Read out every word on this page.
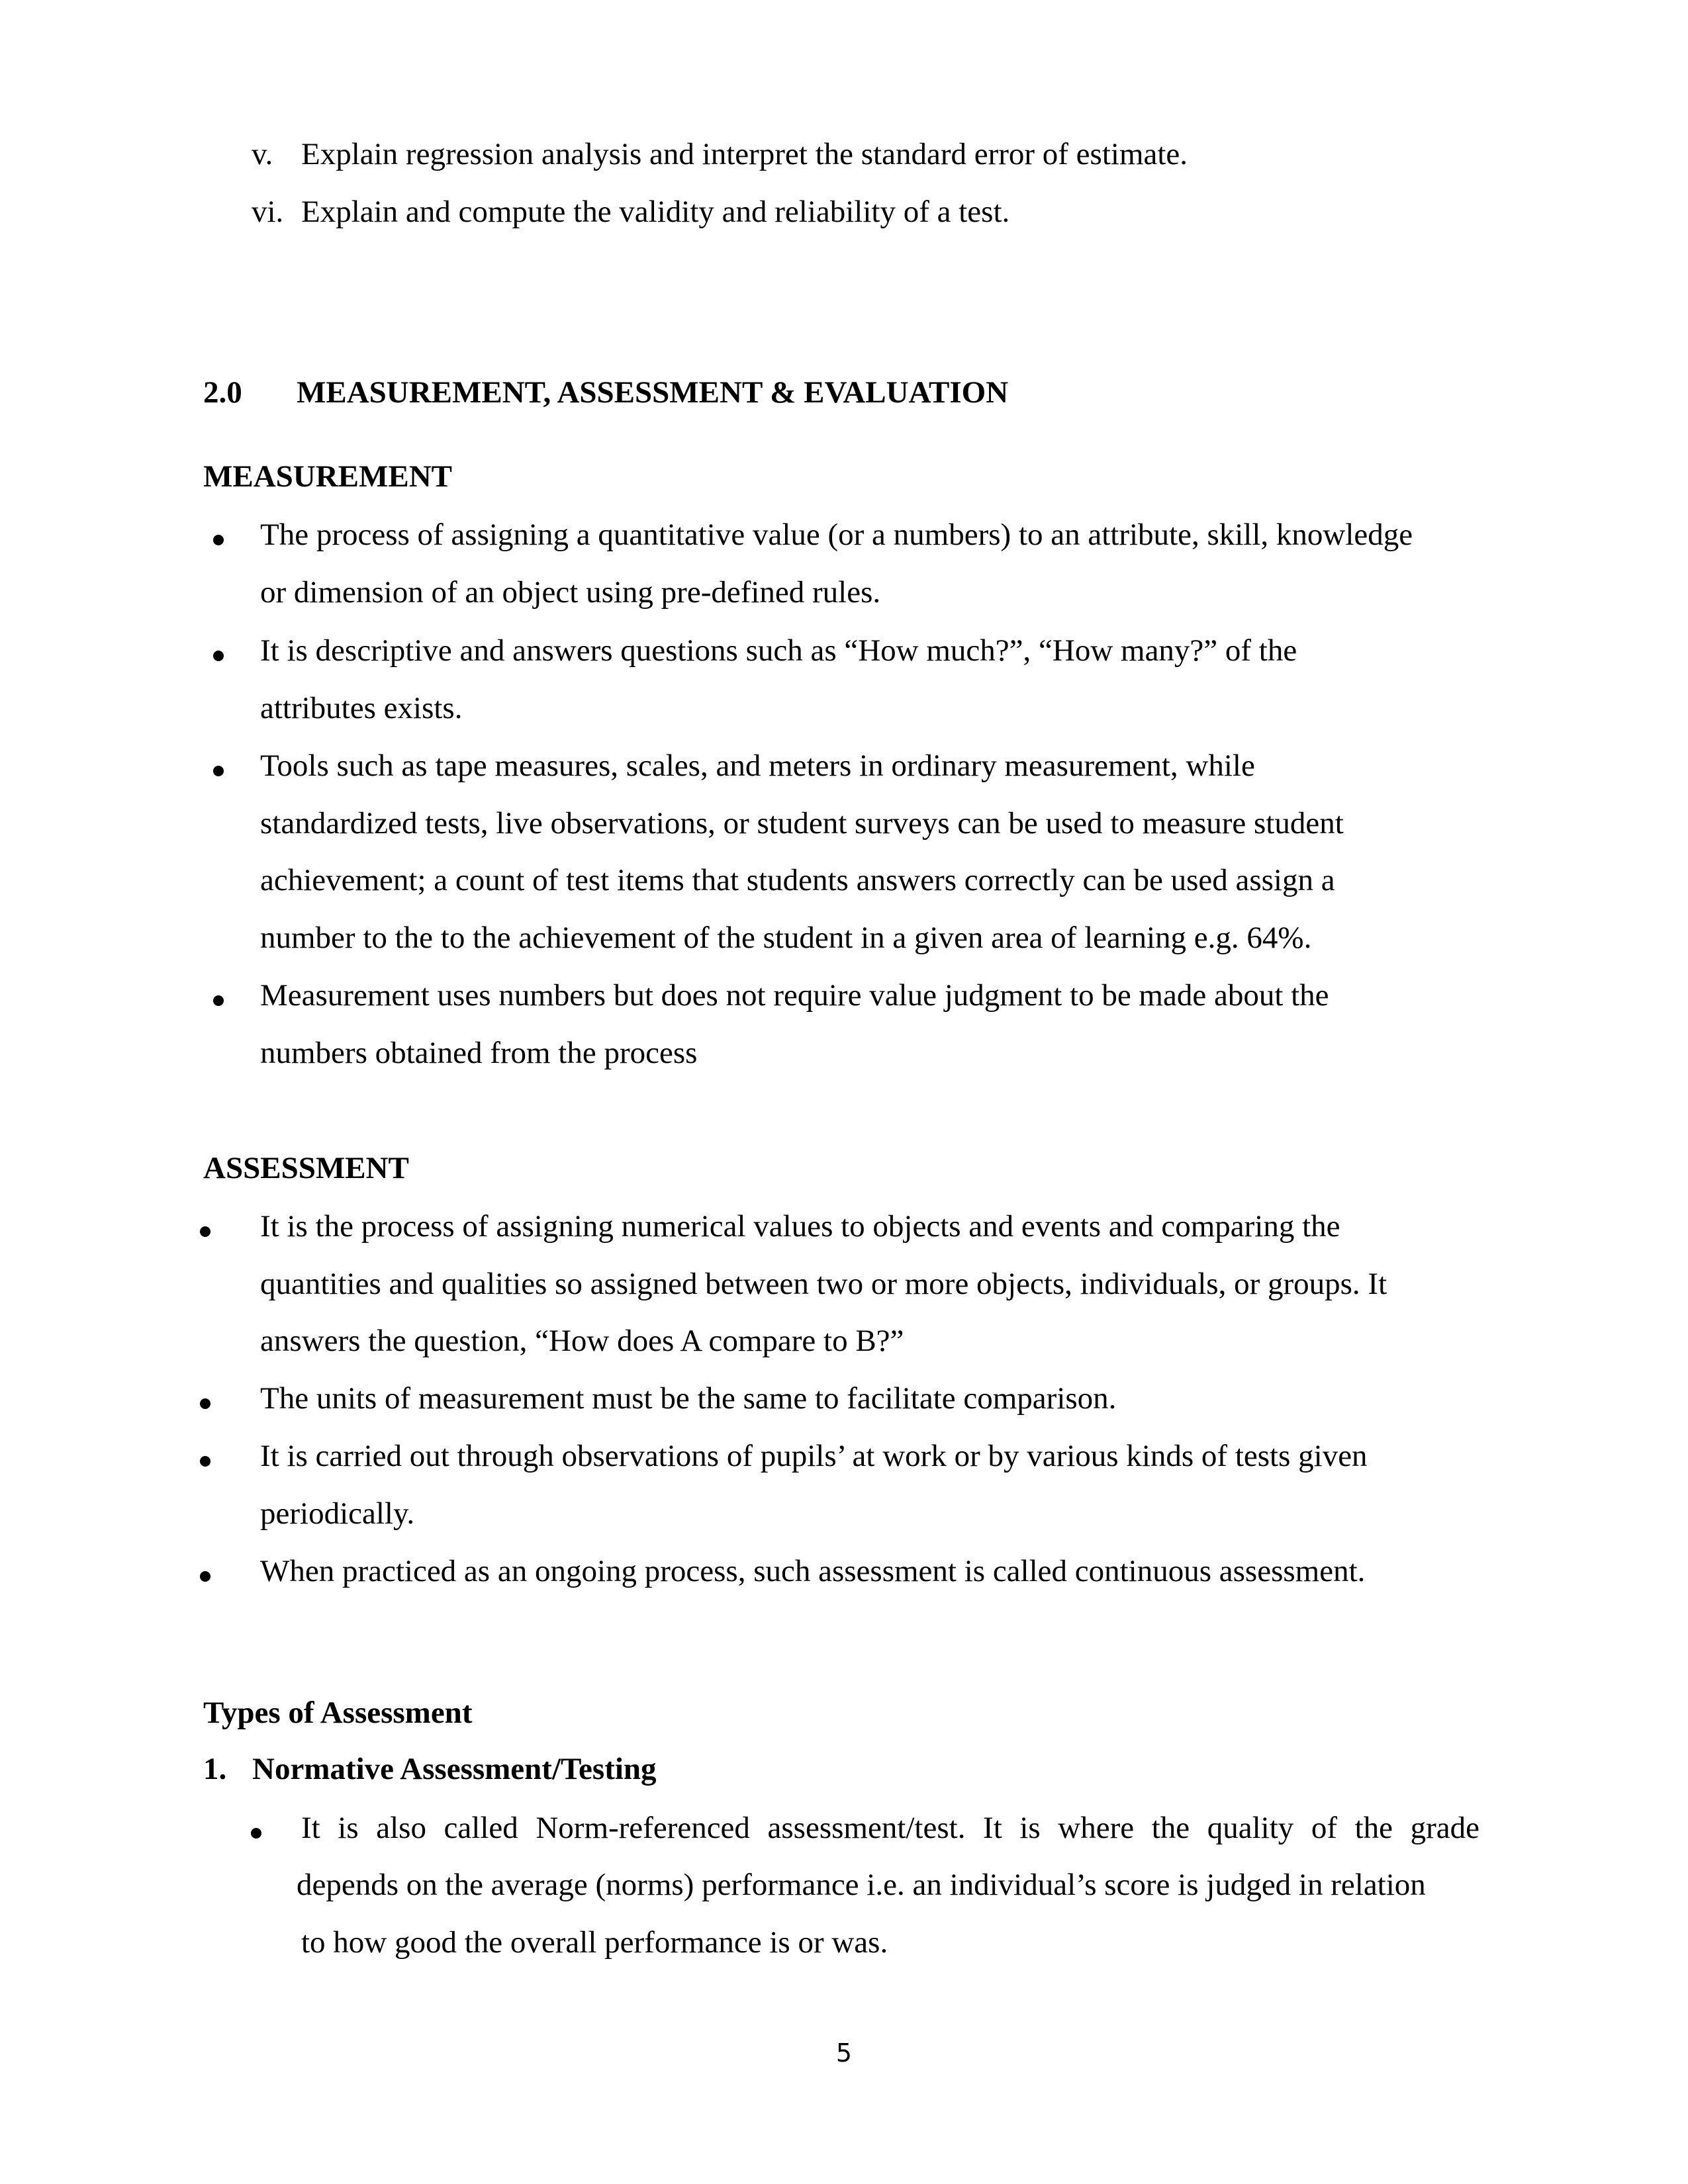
v. Explain regression analysis and interpret the standard error of estimate.
vi. Explain and compute the validity and reliability of a test.
2.0 MEASUREMENT, ASSESSMENT & EVALUATION
MEASUREMENT
The process of assigning a quantitative value (or a numbers) to an attribute, skill, knowledge
or dimension of an object using pre-defined rules.
It is descriptive and answers questions such as “How much?”, “How many?” of the
attributes exists.
Tools such as tape measures, scales, and meters in ordinary measurement, while
standardized tests, live observations, or student surveys can be used to measure student
achievement; a count of test items that students answers correctly can be used assign a
number to the to the achievement of the student in a given area of learning e.g. 64%.
Measurement uses numbers but does not require value judgment to be made about the
numbers obtained from the process
ASSESSMENT
It is the process of assigning numerical values to objects and events and comparing the
quantities and qualities so assigned between two or more objects, individuals, or groups. It
answers the question, “How does A compare to B?”
The units of measurement must be the same to facilitate comparison.
It is carried out through observations of pupils’ at work or by various kinds of tests given
periodically.
When practiced as an ongoing process, such assessment is called continuous assessment.
Types of Assessment
1. Normative Assessment/Testing
It is also called Norm-referenced assessment/test. It is where the quality of the grade
depends on the average (norms) performance i.e. an individual’s score is judged in relation
to how good the overall performance is or was.
5
